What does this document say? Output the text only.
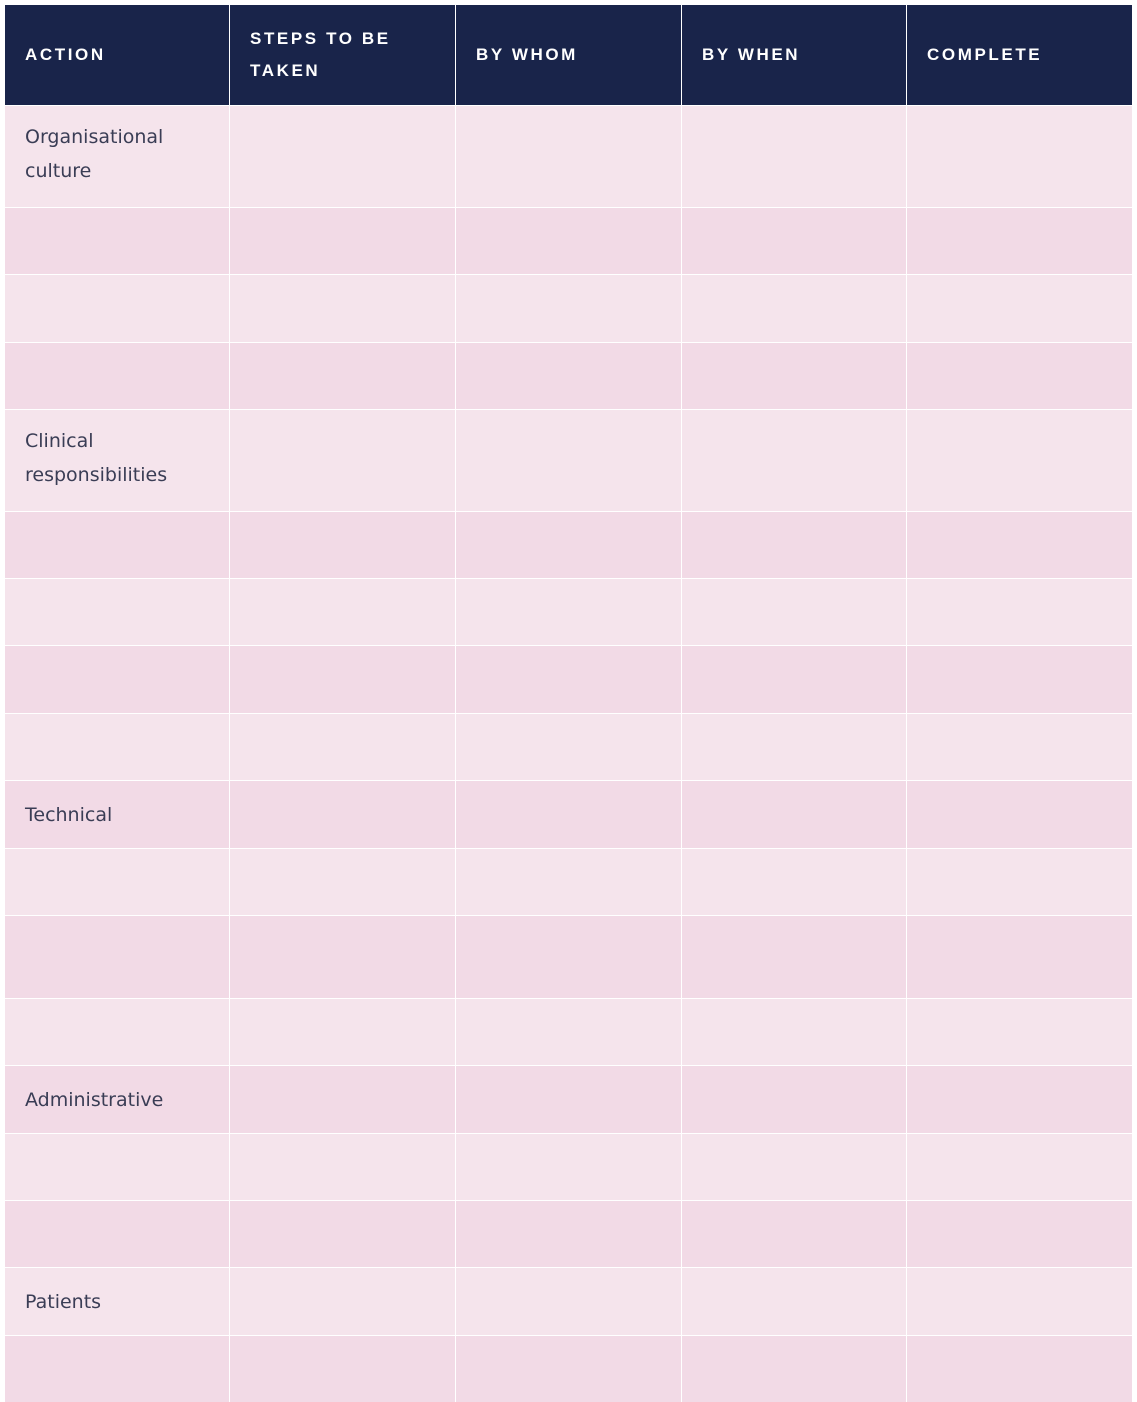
ACTION
STEPS TO BE TAKEN
BY WHOM	BY WHEN	COMPLETE
Organisational culture
Clinical responsibilities
Technical
Administrative
Patients
